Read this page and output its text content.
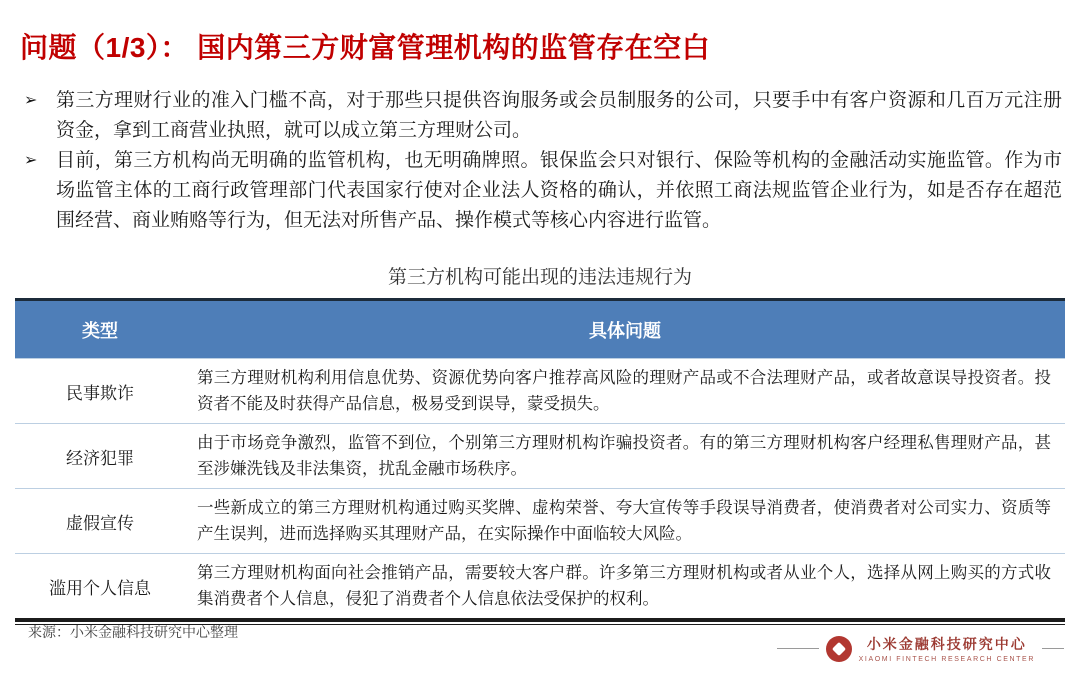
问题（1/3）： 国内第三方财富管理机构的监管存在空白
➢ 第三方理财行业的准入门槛不高，对于那些只提供咨询服务或会员制服务的公司，只要手中有客户资源和几百万元注册资金，拿到工商营业执照，就可以成立第三方理财公司。
➢ 目前，第三方机构尚无明确的监管机构，也无明确牌照。银保监会只对银行、保险等机构的金融活动实施监管。作为市场监管主体的工商行政管理部门代表国家行使对企业法人资格的确认，并依照工商法规监管企业行为，如是否存在超范围经营、商业贿赂等行为，但无法对所售产品、操作模式等核心内容进行监管。
第三方机构可能出现的违法违规行为
类型	具体问题
民事欺诈
第三方理财机构利用信息优势、资源优势向客户推荐高风险的理财产品或不合法理财产品，或者故意误导投资者。投资者不能及时获得产品信息，极易受到误导，蒙受损失。
经济犯罪
由于市场竞争激烈，监管不到位，个别第三方理财机构诈骗投资者。有的第三方理财机构客户经理私售理财产品，甚至涉嫌洗钱及非法集资，扰乱金融市场秩序。
虚假宣传
一些新成立的第三方理财机构通过购买奖牌、虚构荣誉、夸大宣传等手段误导消费者，使消费者对公司实力、资质等产生误判，进而选择购买其理财产品，在实际操作中面临较大风险。
滥用个人信息
第三方理财机构面向社会推销产品，需要较大客户群。许多第三方理财机构或者从业个人，选择从网上购买的方式收集消费者个人信息，侵犯了消费者个人信息依法受保护的权利。
来源：小米金融科技研究中心整理
小米金融科技研究中心
XIAOMI FINTECH RESEARCH CENTER
